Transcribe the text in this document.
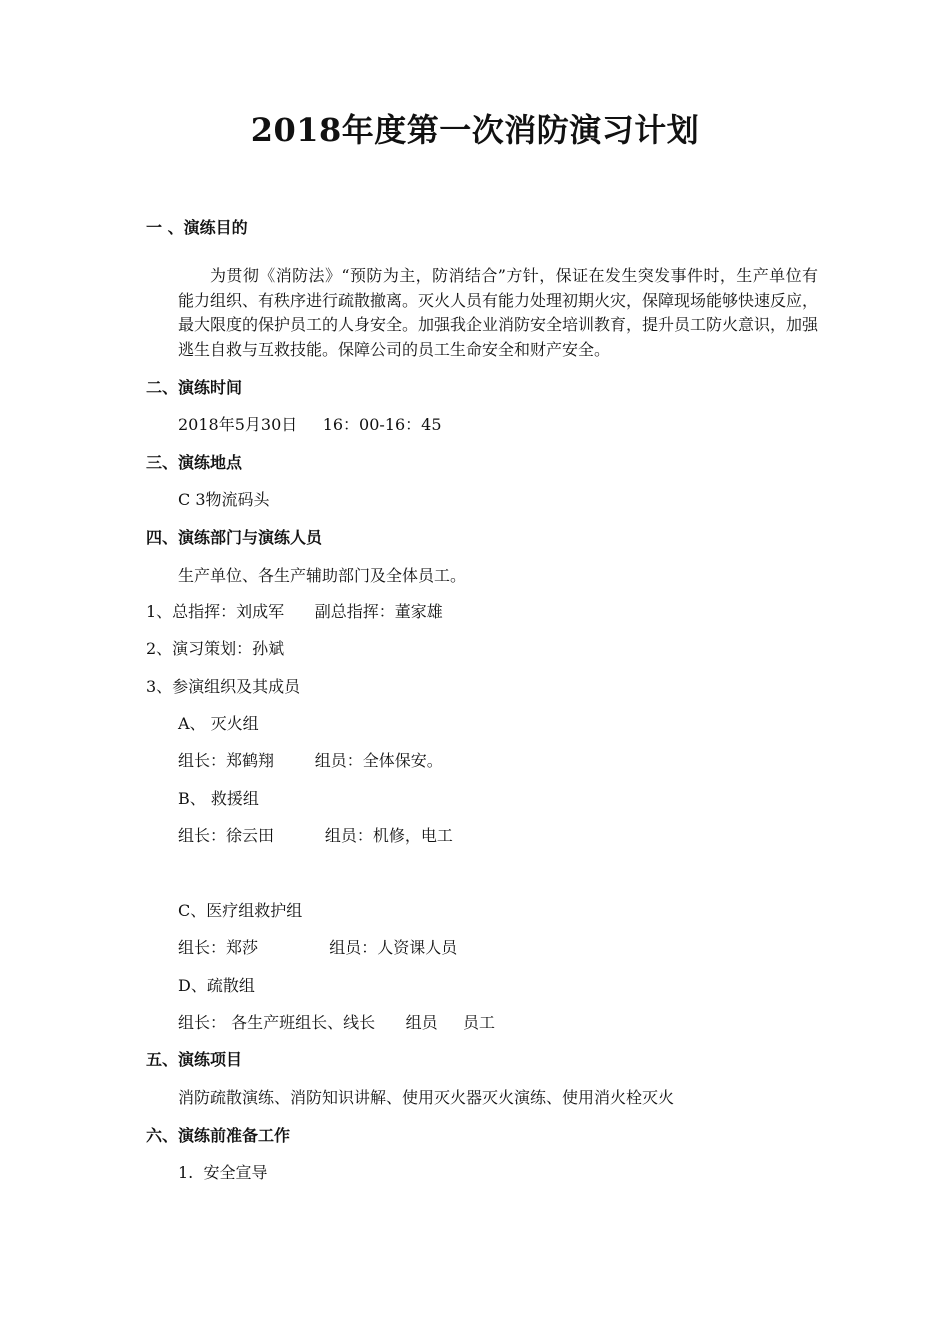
2018年度第一次消防演习计划
一 、演练目的
为贯彻《消防法》“预防为主，防消结合”方针，保证在发生突发事件时，生产单位有能力组织、有秩序进行疏散撤离。灭火人员有能力处理初期火灾，保障现场能够快速反应，最大限度的保护员工的人身安全。加强我企业消防安全培训教育，提升员工防火意识，加强逃生自救与互救技能。保障公司的员工生命安全和财产安全。
二、演练时间
2018年5月30日     16：00-16：45
三、演练地点
C 3物流码头
四、演练部门与演练人员
生产单位、各生产辅助部门及全体员工。
1、总指挥：刘成军      副总指挥：董家雄
2、演习策划：孙斌
3、参演组织及其成员
A、 灭火组
组长：郑鹤翔        组员：全体保安。
B、 救援组
组长：徐云田          组员：机修，电工
C、医疗组救护组
组长：郑莎              组员：人资课人员
D、疏散组
组长： 各生产班组长、线长      组员     员工
五、演练项目
消防疏散演练、消防知识讲解、使用灭火器灭火演练、使用消火栓灭火
六、演练前准备工作
1.  安全宣导
